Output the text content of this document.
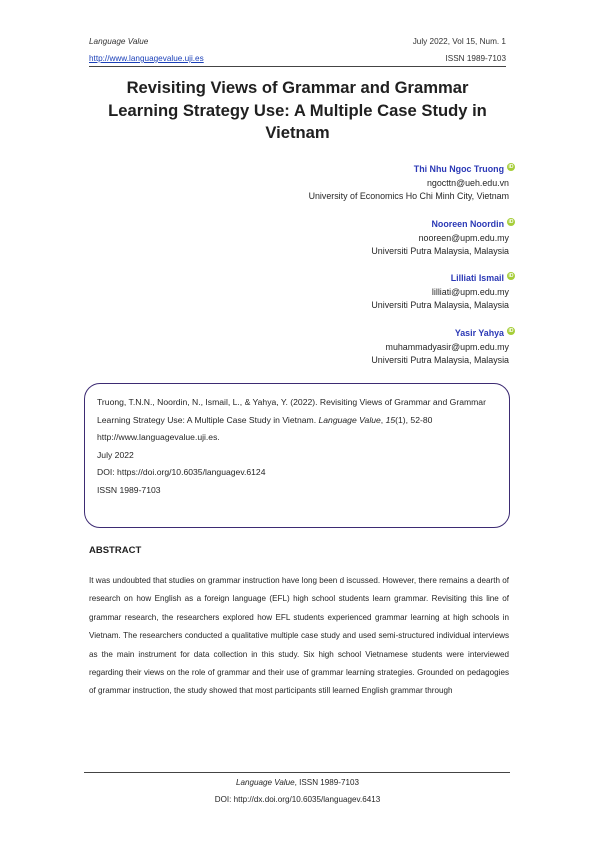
Language Value	July 2022, Vol 15, Num. 1
http://www.languagevalue.uji.es	ISSN 1989-7103
Revisiting Views of Grammar and Grammar Learning Strategy Use: A Multiple Case Study in Vietnam
Thi Nhu Ngoc Truong iD
ngocttn@ueh.edu.vn
University of Economics Ho Chi Minh City, Vietnam
Nooreen Noordin iD
nooreen@upm.edu.my
Universiti Putra Malaysia, Malaysia
Lilliati Ismail iD
lilliati@upm.edu.my
Universiti Putra Malaysia, Malaysia
Yasir Yahya iD
muhammadyasir@upm.edu.my
Universiti Putra Malaysia, Malaysia

Truong, T.N.N., Noordin, N., Ismail, L., & Yahya, Y. (2022). Revisiting Views of Grammar and Grammar Learning Strategy Use: A Multiple Case Study in Vietnam. Language Value, 15(1), 52-80 http://www.languagevalue.uji.es.

July 2022

DOI: https://doi.org/10.6035/languagev.6124

ISSN 1989-7103

ABSTRACT
It was undoubted that studies on grammar instruction have long been d iscussed. However, there remains a dearth of research on how English as a foreign language (EFL) high school students learn grammar. Revisiting this line of grammar research, the researchers explored how EFL students experienced grammar learning at high schools in Vietnam. The researchers conducted a qualitative multiple case study and used semi-structured individual interviews as the main instrument for data collection in this study. Six high school Vietnamese students were interviewed regarding their views on the role of grammar and their use of grammar learning strategies. Grounded on pedagogies of grammar instruction, the study showed that most participants still learned English grammar through
Language Value, ISSN 1989-7103
DOI: http://dx.doi.org/10.6035/languagev.6413
